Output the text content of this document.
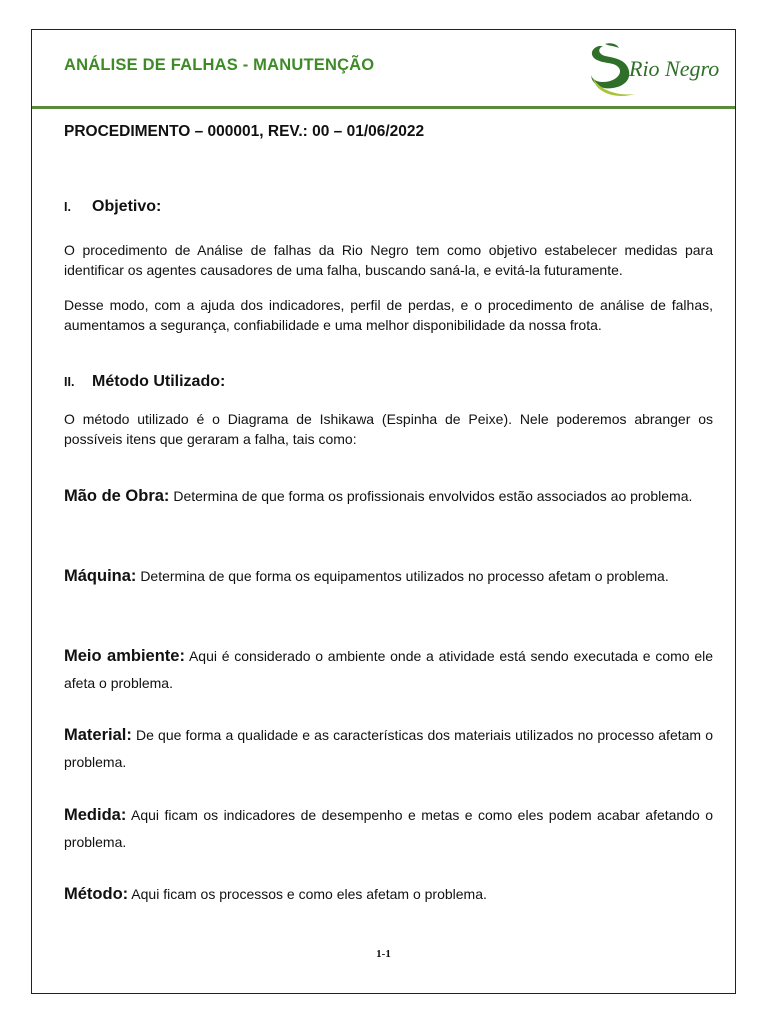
ANÁLISE DE FALHAS - MANUTENÇÃO	Rio Negro
PROCEDIMENTO – 000001, REV.: 00 – 01/06/2022
I.	Objetivo:
O procedimento de Análise de falhas da Rio Negro tem como objetivo estabelecer medidas para identificar os agentes causadores de uma falha, buscando saná-la, e evitá-la futuramente.
Desse modo, com a ajuda dos indicadores, perfil de perdas, e o procedimento de análise de falhas, aumentamos a segurança, confiabilidade e uma melhor disponibilidade da nossa frota.
II.	Método Utilizado:
O método utilizado é o Diagrama de Ishikawa (Espinha de Peixe). Nele poderemos abranger os possíveis itens que geraram a falha, tais como:
Mão de Obra: Determina de que forma os profissionais envolvidos estão associados ao problema.
Máquina: Determina de que forma os equipamentos utilizados no processo afetam o problema.
Meio ambiente: Aqui é considerado o ambiente onde a atividade está sendo executada e como ele afeta o problema.
Material: De que forma a qualidade e as características dos materiais utilizados no processo afetam o problema.
Medida: Aqui ficam os indicadores de desempenho e metas e como eles podem acabar afetando o problema.
Método: Aqui ficam os processos e como eles afetam o problema.
1-1
